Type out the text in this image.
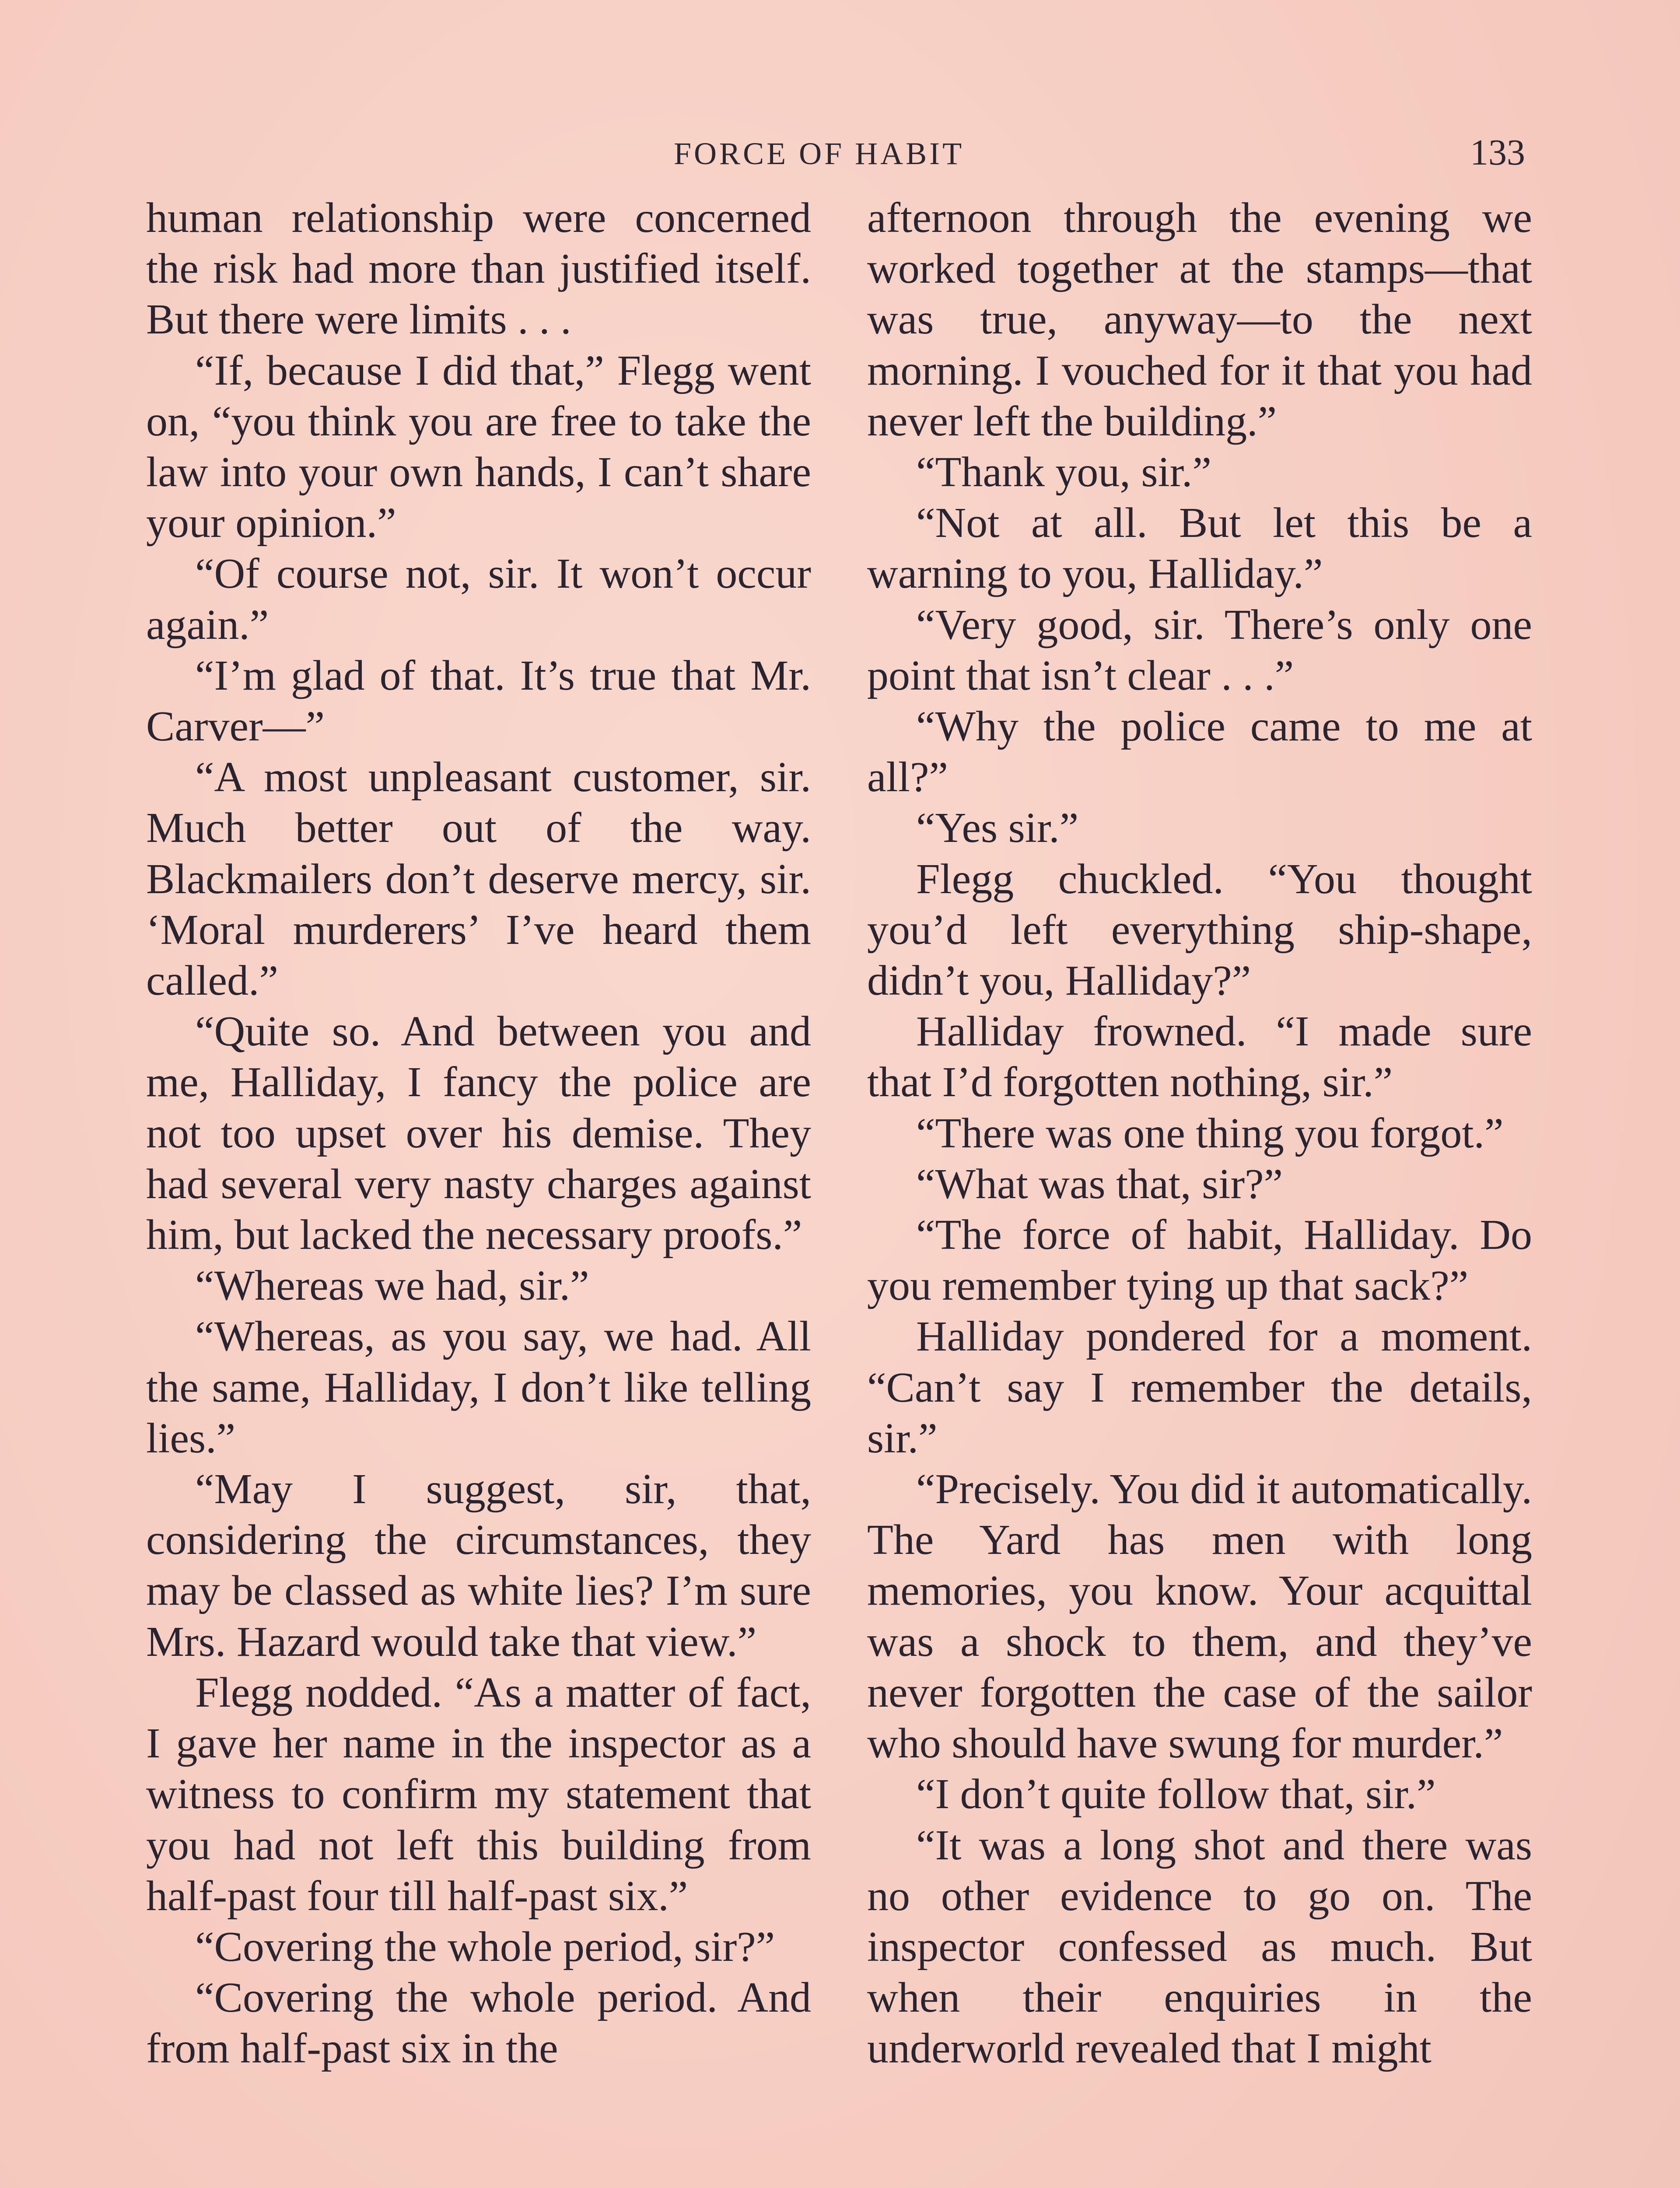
FORCE OF HABIT	133

human relationship were concerned the risk had more than justified itself. But there were limits . . .

“If, because I did that,” Flegg went on, “you think you are free to take the law into your own hands, I can’t share your opinion.”

“Of course not, sir. It won’t occur again.”

“I’m glad of that. It’s true that Mr. Carver—”

“A most unpleasant customer, sir. Much better out of the way. Blackmailers don’t deserve mercy, sir. ‘Moral murderers’ I’ve heard them called.”

“Quite so. And between you and me, Halliday, I fancy the police are not too upset over his demise. They had several very nasty charges against him, but lacked the necessary proofs.”

“Whereas we had, sir.”

“Whereas, as you say, we had. All the same, Halliday, I don’t like telling lies.”

“May I suggest, sir, that, considering the circumstances, they may be classed as white lies? I’m sure Mrs. Hazard would take that view.”

Flegg nodded. “As a matter of fact, I gave her name in the inspector as a witness to confirm my statement that you had not left this building from half-past four till half-past six.”

“Covering the whole period, sir?”

“Covering the whole period. And from half-past six in the

afternoon through the evening we worked together at the stamps—that was true, anyway—to the next morning. I vouched for it that you had never left the building.”

“Thank you, sir.”

“Not at all. But let this be a warning to you, Halliday.”

“Very good, sir. There’s only one point that isn’t clear . . .”

“Why the police came to me at all?”

“Yes sir.”

Flegg chuckled. “You thought you’d left everything ship-shape, didn’t you, Halliday?”

Halliday frowned. “I made sure that I’d forgotten nothing, sir.”

“There was one thing you forgot.”

“What was that, sir?”

“The force of habit, Halliday. Do you remember tying up that sack?”

Halliday pondered for a moment. “Can’t say I remember the details, sir.”

“Precisely. You did it automatically. The Yard has men with long memories, you know. Your acquittal was a shock to them, and they’ve never forgotten the case of the sailor who should have swung for murder.”

“I don’t quite follow that, sir.”

“It was a long shot and there was no other evidence to go on. The inspector confessed as much. But when their enquiries in the underworld revealed that I might
